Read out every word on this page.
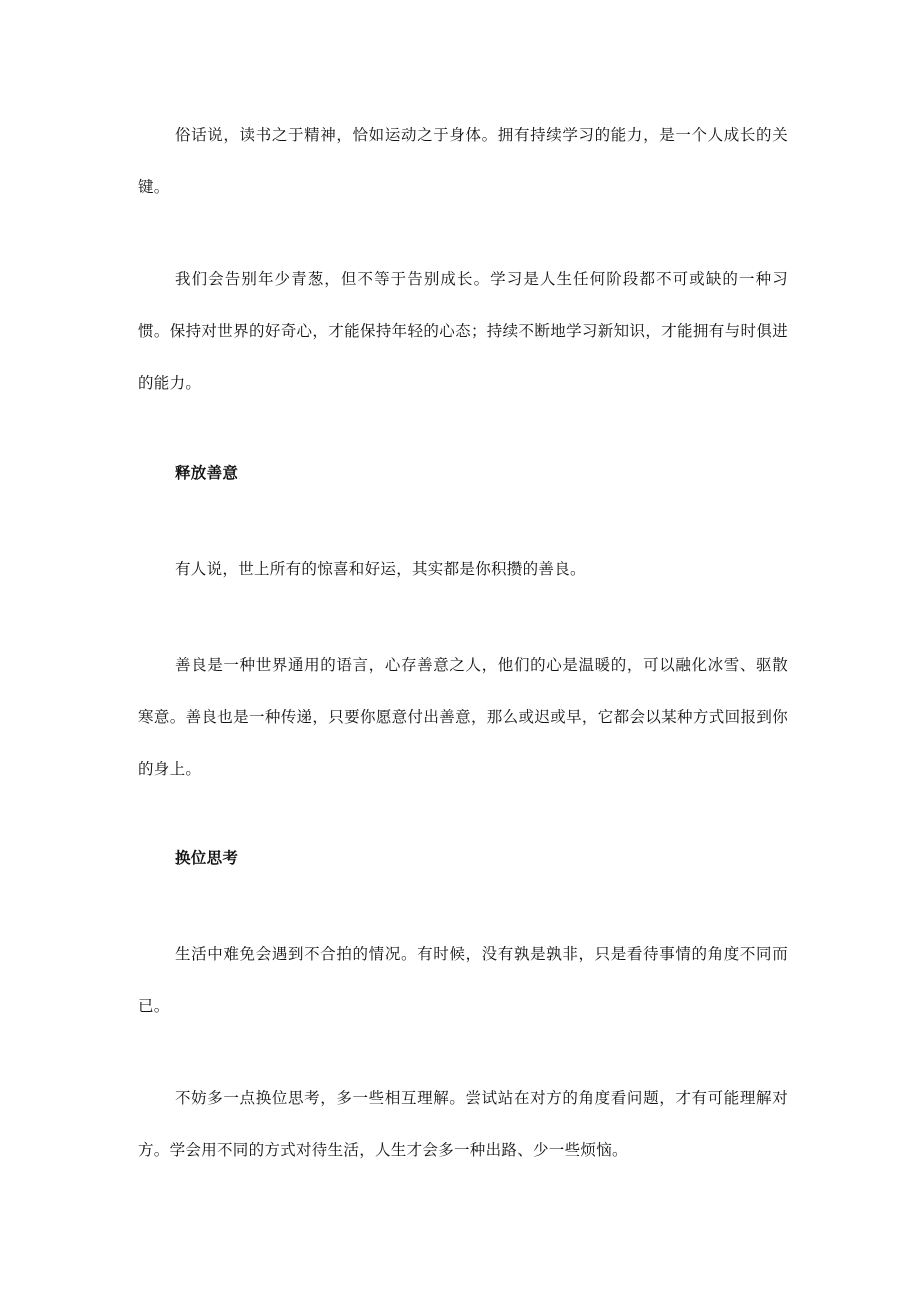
俗话说，读书之于精神，恰如运动之于身体。拥有持续学习的能力，是一个人成长的关键。

我们会告别年少青葱，但不等于告别成长。学习是人生任何阶段都不可或缺的一种习惯。保持对世界的好奇心，才能保持年轻的心态；持续不断地学习新知识，才能拥有与时俱进的能力。

释放善意

有人说，世上所有的惊喜和好运，其实都是你积攒的善良。

善良是一种世界通用的语言，心存善意之人，他们的心是温暖的，可以融化冰雪、驱散寒意。善良也是一种传递，只要你愿意付出善意，那么或迟或早，它都会以某种方式回报到你的身上。

换位思考

生活中难免会遇到不合拍的情况。有时候，没有孰是孰非，只是看待事情的角度不同而已。

不妨多一点换位思考，多一些相互理解。尝试站在对方的角度看问题，才有可能理解对方。学会用不同的方式对待生活，人生才会多一种出路、少一些烦恼。
